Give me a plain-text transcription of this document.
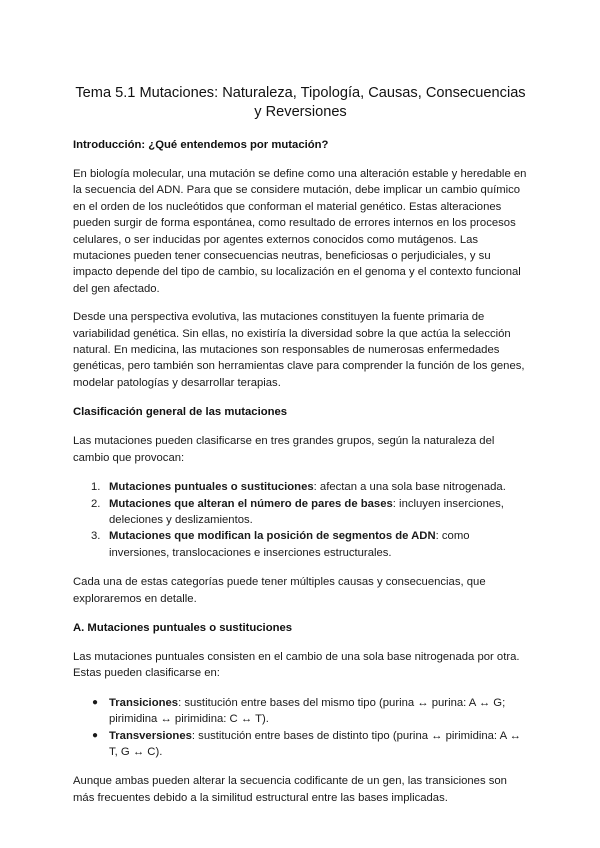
Tema 5.1 Mutaciones: Naturaleza, Tipología, Causas, Consecuencias y Reversiones
Introducción: ¿Qué entendemos por mutación?

En biología molecular, una mutación se define como una alteración estable y heredable en la secuencia del ADN. Para que se considere mutación, debe implicar un cambio químico en el orden de los nucleótidos que conforman el material genético. Estas alteraciones pueden surgir de forma espontánea, como resultado de errores internos en los procesos celulares, o ser inducidas por agentes externos conocidos como mutágenos. Las mutaciones pueden tener consecuencias neutras, beneficiosas o perjudiciales, y su impacto depende del tipo de cambio, su localización en el genoma y el contexto funcional del gen afectado.

Desde una perspectiva evolutiva, las mutaciones constituyen la fuente primaria de variabilidad genética. Sin ellas, no existiría la diversidad sobre la que actúa la selección natural. En medicina, las mutaciones son responsables de numerosas enfermedades genéticas, pero también son herramientas clave para comprender la función de los genes, modelar patologías y desarrollar terapias.

Clasificación general de las mutaciones

Las mutaciones pueden clasificarse en tres grandes grupos, según la naturaleza del cambio que provocan:

1. Mutaciones puntuales o sustituciones: afectan a una sola base nitrogenada.
2. Mutaciones que alteran el número de pares de bases: incluyen inserciones, deleciones y deslizamientos.
3. Mutaciones que modifican la posición de segmentos de ADN: como inversiones, translocaciones e inserciones estructurales.

Cada una de estas categorías puede tener múltiples causas y consecuencias, que exploraremos en detalle.

A. Mutaciones puntuales o sustituciones

Las mutaciones puntuales consisten en el cambio de una sola base nitrogenada por otra. Estas pueden clasificarse en:

● Transiciones: sustitución entre bases del mismo tipo (purina ↔ purina: A ↔ G; pirimidina ↔ pirimidina: C ↔ T).
● Transversiones: sustitución entre bases de distinto tipo (purina ↔ pirimidina: A ↔ T, G ↔ C).

Aunque ambas pueden alterar la secuencia codificante de un gen, las transiciones son más frecuentes debido a la similitud estructural entre las bases implicadas.
